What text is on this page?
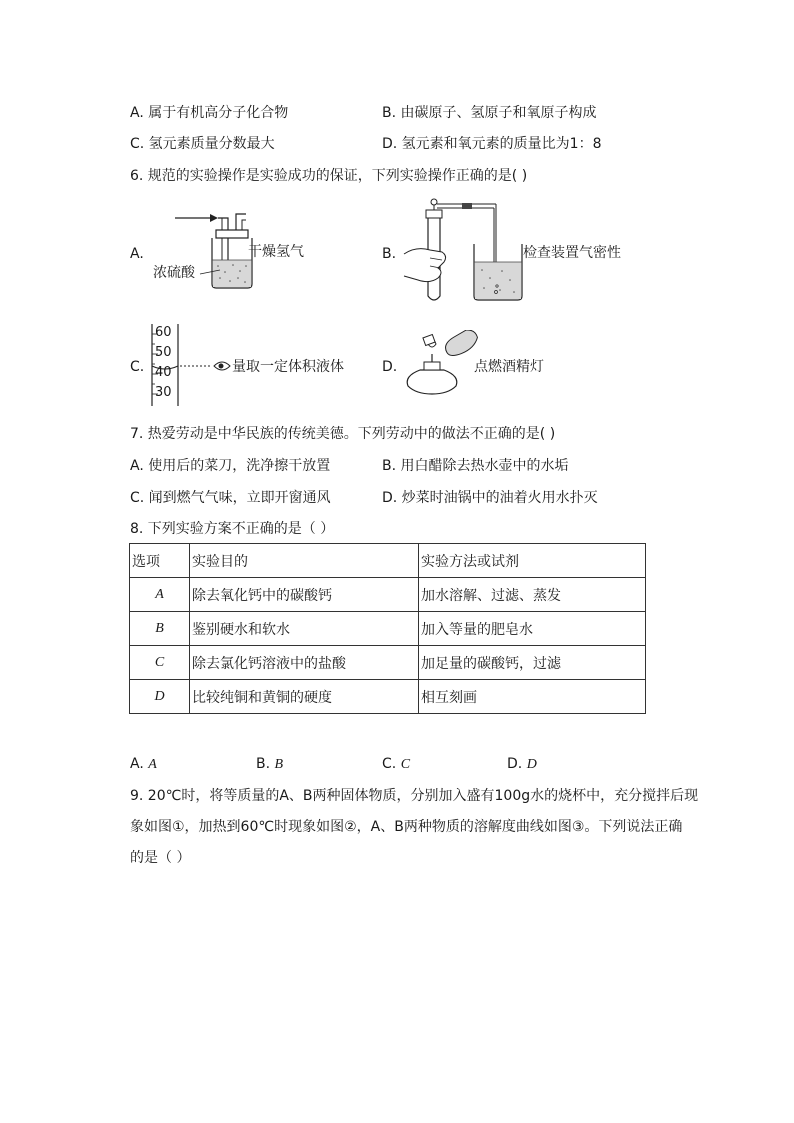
A. 属于有机高分子化合物	B. 由碳原子、氢原子和氧原子构成
C. 氢元素质量分数最大	D. 氢元素和氧元素的质量比为1：8
6. 规范的实验操作是实验成功的保证，下列实验操作正确的是( )
A.	干燥氢气
浓硫酸
B.	检查装置气密性
C.
60
50
40
30
量取一定体积液体	D.	点燃酒精灯
7. 热爱劳动是中华民族的传统美德。下列劳动中的做法不正确的是( )
A. 使用后的菜刀，洗净擦干放置	B. 用白醋除去热水壶中的水垢
C. 闻到燃气气味，立即开窗通风	D. 炒菜时油锅中的油着火用水扑灭
8. 下列实验方案不正确的是（ ）
选项	实验目的	实验方法或试剂
A	除去氧化钙中的碳酸钙	加水溶解、过滤、蒸发
B	鉴别硬水和软水	加入等量的肥皂水
C	除去氯化钙溶液中的盐酸	加足量的碳酸钙，过滤
D	比较纯铜和黄铜的硬度	相互刻画
A. A	B. B	C. C	D. D
9. 20℃时，将等质量的A、B两种固体物质，分别加入盛有100g水的烧杯中，充分搅拌后现
象如图①，加热到60℃时现象如图②，A、B两种物质的溶解度曲线如图③。下列说法正确
的是（ ）
